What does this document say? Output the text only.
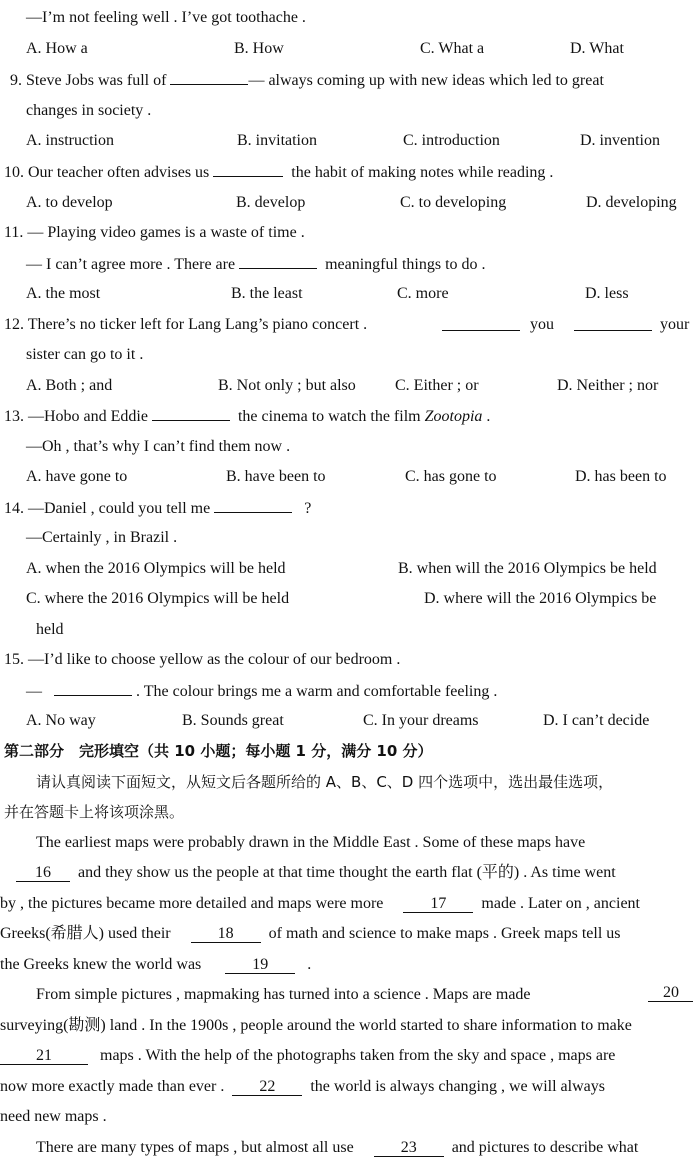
—I’m not feeling well . I’ve got toothache .
A. How a	B. How	C. What a	D. What
9. Steve Jobs was full of	— always coming up with new ideas which led to great
changes in society .
A. instruction	B. invitation	C. introduction	D. invention
10. Our teacher often advises us	the habit of making notes while reading .
A. to develop	B. develop	C. to developing	D. developing
11. — Playing video games is a waste of time .
— I can’t agree more . There are	meaningful things to do .
A. the most	B. the least	C. more	D. less
12. There’s no ticker left for Lang Lang’s piano concert .	you	your
sister can go to it .
A. Both ; and	B. Not only ; but also C. Either ; or	D. Neither ; nor
13. —Hobo and Eddie	the cinema to watch the film Zootopia .
—Oh , that’s why I can’t find them now .
A. have gone to	B. have been to	C. has gone to	D. has been to
14. —Daniel , could you tell me	?
—Certainly , in Brazil .
A. when the 2016 Olympics will be held	B. when will the 2016 Olympics be held
C. where the 2016 Olympics will be held	D. where will the 2016 Olympics be
held
15. —I’d like to choose yellow as the colour of our bedroom .
—	. The colour brings me a warm and comfortable feeling .
A. No way	B. Sounds great	C. In your dreams	D. I can’t decide
第二部分　完形填空（共 10 小题；每小题 1 分，满分 10 分）
请认真阅读下面短文，从短文后各题所给的 A、B、C、D 四个选项中，选出最佳选项，
并在答题卡上将该项涂黑。
The earliest maps were probably drawn in the Middle East . Some of these maps have
16 and they show us the people at that time thought the earth flat (平的) . As time went
by , the pictures became more detailed and maps were more	17 made . Later on , ancient
Greeks(希腊人) used their	18 of math and science to make maps . Greek maps tell us
the Greeks knew the world was	19 .
From simple pictures , mapmaking has turned into a science . Maps are made	20
surveying(勘测) land . In the 1900s , people around the world started to share information to make
21	maps . With the help of the photographs taken from the sky and space , maps are
now more exactly made than ever . 22 the world is always changing , we will always
need new maps .
There are many types of maps , but almost all use	23 and pictures to describe what
